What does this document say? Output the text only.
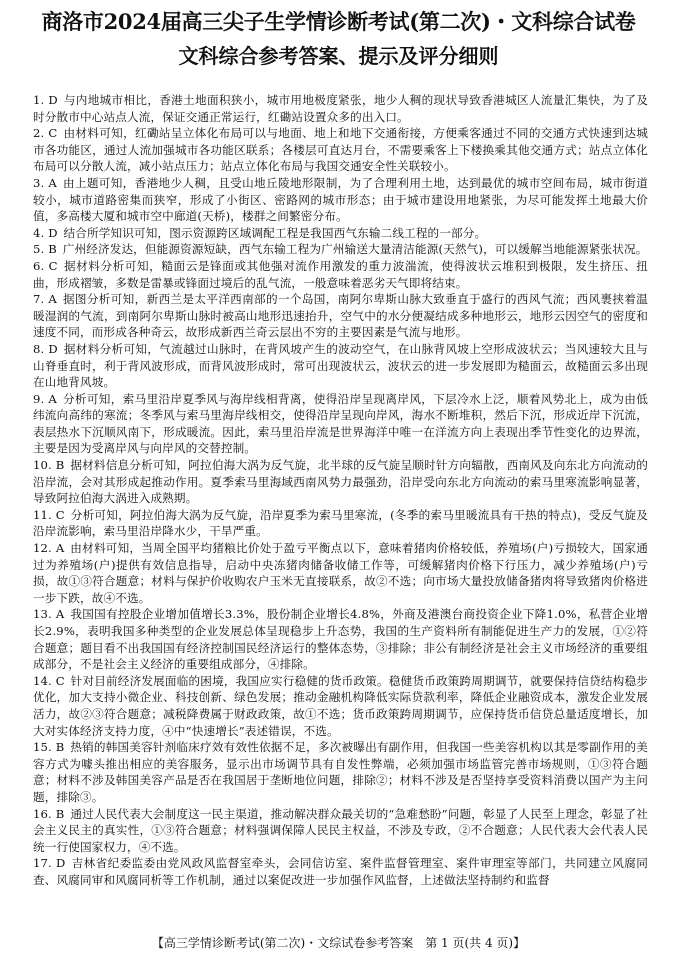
商洛市2024届高三尖子生学情诊断考试(第二次)・文科综合试卷
文科综合参考答案、提示及评分细则

1. D 与内地城市相比，香港土地面积狭小，城市用地极度紧张，地少人稠的现状导致香港城区人流量汇集快，为了及时分散市中心站点人流，保证交通正常运行，红磡站设置众多的出入口。

2. C 由材料可知，红磡站呈立体化布局可以与地面、地上和地下交通衔接，方便乘客通过不同的交通方式快速到达城市各功能区，通过人流加强城市各功能区联系；各楼层可直达月台，不需要乘客上下楼换乘其他交通方式；站点立体化布局可以分散人流，减小站点压力；站点立体化布局与我国交通安全性关联较小。

3. A 由上题可知，香港地少人稠，且受山地丘陵地形限制，为了合理利用土地，达到最优的城市空间布局，城市街道较小，城市道路密集而狭窄，形成了小街区、密路网的城市形态；由于城市建设用地紧张，为尽可能发挥土地最大价值，多高楼大厦和城市空中廊道(天桥)，楼群之间繁密分布。

4. D 结合所学知识可知，图示资源跨区域调配工程是我国西气东输二线工程的一部分。

5. B 广州经济发达，但能源资源短缺，西气东输工程为广州输送大量清洁能源(天然气)，可以缓解当地能源紧张状况。

6. C 据材料分析可知，糙面云是锋面或其他强对流作用激发的重力波湍流，使得波状云堆积到极限，发生挤压、扭曲，形成褶皱，多数是雷暴或锋面过境后的乱气流，一般意味着恶劣天气即将结束。

7. A 据图分析可知，新西兰是太平洋西南部的一个岛国，南阿尔卑斯山脉大致垂直于盛行的西风气流；西风裹挟着温暖湿润的气流，到南阿尔卑斯山脉时被高山地形迅速抬升，空气中的水分便凝结成多种地形云，地形云因空气的密度和速度不同，而形成各种奇云，故形成新西兰奇云层出不穷的主要因素是气流与地形。

8. D 据材料分析可知，气流越过山脉时，在背风坡产生的波动空气，在山脉背风坡上空形成波状云；当风速较大且与山脊垂直时，利于背风波形成，而背风波形成时，常可出现波状云，波状云的进一步发展即为糙面云，故糙面云多出现在山地背风坡。

9. A 分析可知，索马里沿岸夏季风与海岸线相背离，使得沿岸呈现离岸风，下层冷水上泛，顺着风势北上，成为由低纬流向高纬的寒流；冬季风与索马里海岸线相交，使得沿岸呈现向岸风，海水不断堆积，然后下沉，形成近岸下沉流，表层热水下沉顺风南下，形成暖流。因此，索马里沿岸流是世界海洋中唯一在洋流方向上表现出季节性变化的边界流，主要是因为受离岸风与向岸风的交替控制。

10. B 据材料信息分析可知，阿拉伯海大涡为反气旋，北半球的反气旋呈顺时针方向辐散，西南风及向东北方向流动的沿岸流，会对其形成起推动作用。夏季索马里海域西南风势力最强劲，沿岸受向东北方向流动的索马里寒流影响显著，导致阿拉伯海大涡进入成熟期。

11. C 分析可知，阿拉伯海大涡为反气旋，沿岸夏季为索马里寒流，(冬季的索马里暖流具有干热的特点)，受反气旋及沿岸流影响，索马里沿岸降水少，干旱严重。

12. A 由材料可知，当周全国平均猪粮比价处于盈亏平衡点以下，意味着猪肉价格较低，养殖场(户)亏损较大，国家通过为养殖场(户)提供有效信息指导，启动中央冻猪肉储备收储工作等，可缓解猪肉价格下行压力，减少养殖场(户)亏损，故①③符合题意；材料与保护价收购农户玉米无直接联系，故②不选；向市场大量投放储备猪肉将导致猪肉价格进一步下跌，故④不选。

13. A 我国国有控股企业增加值增长3.3%，股份制企业增长4.8%，外商及港澳台商投资企业下降1.0%，私营企业增长2.9%，表明我国多种类型的企业发展总体呈现稳步上升态势，我国的生产资料所有制能促进生产力的发展，①②符合题意；题目看不出我国国有经济控制国民经济运行的整体态势，③排除；非公有制经济是社会主义市场经济的重要组成部分，不是社会主义经济的重要组成部分，④排除。

14. C 针对目前经济发展面临的困境，我国应实行稳健的货币政策。稳健货币政策跨周期调节，就要保持信贷结构稳步优化，加大支持小微企业、科技创新、绿色发展；推动金融机构降低实际贷款利率，降低企业融资成本，激发企业发展活力，故②③符合题意；减税降费属于财政政策，故①不选；货币政策跨周期调节，应保持货币信贷总量适度增长，加大对实体经济支持力度，④中“快速增长”表述错误，不选。

15. B 热销的韩国美容针剂临床疗效有效性依据不足，多次被曝出有副作用，但我国一些美容机构以其是零副作用的美容方式为噱头推出相应的美容服务，显示出市场调节具有自发性弊端，必须加强市场监管完善市场规则，①③符合题意；材料不涉及韩国美容产品是否在我国居于垄断地位问题，排除②；材料不涉及是否坚持享受资料消费以国产为主问题，排除③。

16. B 通过人民代表大会制度这一民主渠道，推动解决群众最关切的“急难愁盼”问题，彰显了人民至上理念，彰显了社会主义民主的真实性，①③符合题意；材料强调保障人民民主权益，不涉及专政，②不合题意；人民代表大会代表人民统一行使国家权力，④不选。

17. D 吉林省纪委监委由党风政风监督室牵头，会同信访室、案件监督管理室、案件审理室等部门，共同建立风腐同查、风腐同审和风腐同析等工作机制，通过以案促改进一步加强作风监督，上述做法坚持制约和监督

【高三学情诊断考试(第二次)・文综试卷参考答案　第 1 页(共 4 页)】
